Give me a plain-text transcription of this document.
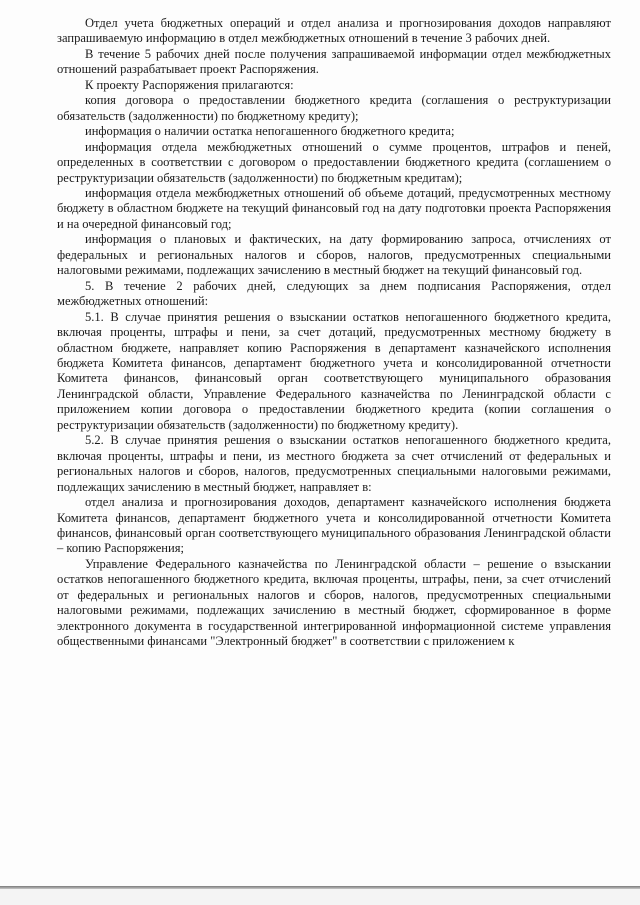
Отдел учета бюджетных операций и отдел анализа и прогнозирования доходов направляют запрашиваемую информацию в отдел межбюджетных отношений в течение 3 рабочих дней.

В течение 5 рабочих дней после получения запрашиваемой информации отдел межбюджетных отношений разрабатывает проект Распоряжения.

К проекту Распоряжения прилагаются:

копия договора о предоставлении бюджетного кредита (соглашения о реструктуризации обязательств (задолженности) по бюджетному кредиту);

информация о наличии остатка непогашенного бюджетного кредита;

информация отдела межбюджетных отношений о сумме процентов, штрафов и пеней, определенных в соответствии с договором о предоставлении бюджетного кредита (соглашением о реструктуризации обязательств (задолженности) по бюджетным кредитам);

информация отдела межбюджетных отношений об объеме дотаций, предусмотренных местному бюджету в областном бюджете на текущий финансовый год на дату подготовки проекта Распоряжения и на очередной финансовый год;

информация о плановых и фактических, на дату формированию запроса, отчислениях от федеральных и региональных налогов и сборов, налогов, предусмотренных специальными налоговыми режимами, подлежащих зачислению в местный бюджет на текущий финансовый год.

5. В течение 2 рабочих дней, следующих за днем подписания Распоряжения, отдел межбюджетных отношений:

5.1. В случае принятия решения о взыскании остатков непогашенного бюджетного кредита, включая проценты, штрафы и пени, за счет дотаций, предусмотренных местному бюджету в областном бюджете, направляет копию Распоряжения в департамент казначейского исполнения бюджета Комитета финансов, департамент бюджетного учета и консолидированной отчетности Комитета финансов, финансовый орган соответствующего муниципального образования Ленинградской области, Управление Федерального казначейства по Ленинградской области с приложением копии договора о предоставлении бюджетного кредита (копии соглашения о реструктуризации обязательств (задолженности) по бюджетному кредиту).

5.2. В случае принятия решения о взыскании остатков непогашенного бюджетного кредита, включая проценты, штрафы и пени, из местного бюджета за счет отчислений от федеральных и региональных налогов и сборов, налогов, предусмотренных специальными налоговыми режимами, подлежащих зачислению в местный бюджет, направляет в:

отдел анализа и прогнозирования доходов, департамент казначейского исполнения бюджета Комитета финансов, департамент бюджетного учета и консолидированной отчетности Комитета финансов, финансовый орган соответствующего муниципального образования Ленинградской области – копию Распоряжения;

Управление Федерального казначейства по Ленинградской области – решение о взыскании остатков непогашенного бюджетного кредита, включая проценты, штрафы, пени, за счет отчислений от федеральных и региональных налогов и сборов, налогов, предусмотренных специальными налоговыми режимами, подлежащих зачислению в местный бюджет, сформированное в форме электронного документа в государственной интегрированной информационной системе управления общественными финансами "Электронный бюджет" в соответствии с приложением к
